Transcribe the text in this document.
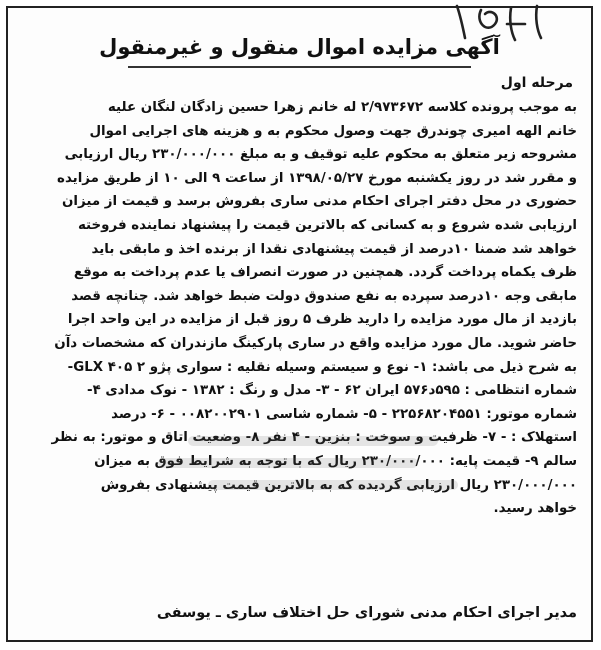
آگهی مزایده اموال منقول و غیرمنقول
مرحله اول
به موجب پرونده کلاسه ۲/۹۷۳۶۷۲ له خانم زهرا حسین زادگان لنگان علیه
خانم الهه امیری چوندرق جهت وصول محکوم به و هزینه های اجرایی اموال
مشروحه زیر متعلق به محکوم علیه توقیف و به مبلغ ۲۳۰/۰۰۰/۰۰۰ ریال ارزیابی
و مقرر شد در روز یکشنبه مورخ ۱۳۹۸/۰۵/۲۷ از ساعت ۹ الی ۱۰ از طریق مزایده
حضوری در محل دفتر اجرای احکام مدنی ساری بفروش برسد و قیمت از میزان
ارزیابی شده شروع و به کسانی که بالاترین قیمت را پیشنهاد نماینده فروخته
خواهد شد ضمنا ۱۰درصد از قیمت پیشنهادی نقدا از برنده اخذ و مابقی باید
ظرف یکماه پرداخت گردد. همچنین در صورت انصراف یا عدم پرداخت به موقع
مابقی وجه ۱۰درصد سپرده به نفع صندوق دولت ضبط خواهد شد. چنانچه قصد
بازدید از مال مورد مزایده را دارید ظرف ۵ روز قبل از مزایده در این واحد اجرا
حاضر شوید. مال مورد مزایده واقع در ساری پارکینگ مازندران که مشخصات دآن
به شرح ذیل می باشد: ۱- نوع و سیستم وسیله نقلیه : سواری پژو GLX ۴۰۵ ۲-
شماره انتظامی : ۵۹۵د۵۷۶ ایران ۶۲ - ۳- مدل و رنگ : ۱۳۸۲ - نوک مدادی ۴-
شماره موتور: ۲۲۵۶۸۲۰۴۵۵۱ - ۵- شماره شاسی ۰۰۸۲۰۰۲۹۰۱ - ۶- درصد
استهلاک : - ۷- ظرفیت و سوخت : بنزین - ۴ نفر ۸- وضعیت اتاق و موتور: به نظر
سالم ۹- قیمت پایه: ۲۳۰/۰۰۰/۰۰۰ ریال که با توجه به شرایط فوق به میزان
۲۳۰/۰۰۰/۰۰۰ ریال ارزیابی گردیده که به بالاترین قیمت پیشنهادی بفروش
خواهد رسید.
مدیر اجرای احکام مدنی شورای حل اختلاف ساری ـ یوسفی
